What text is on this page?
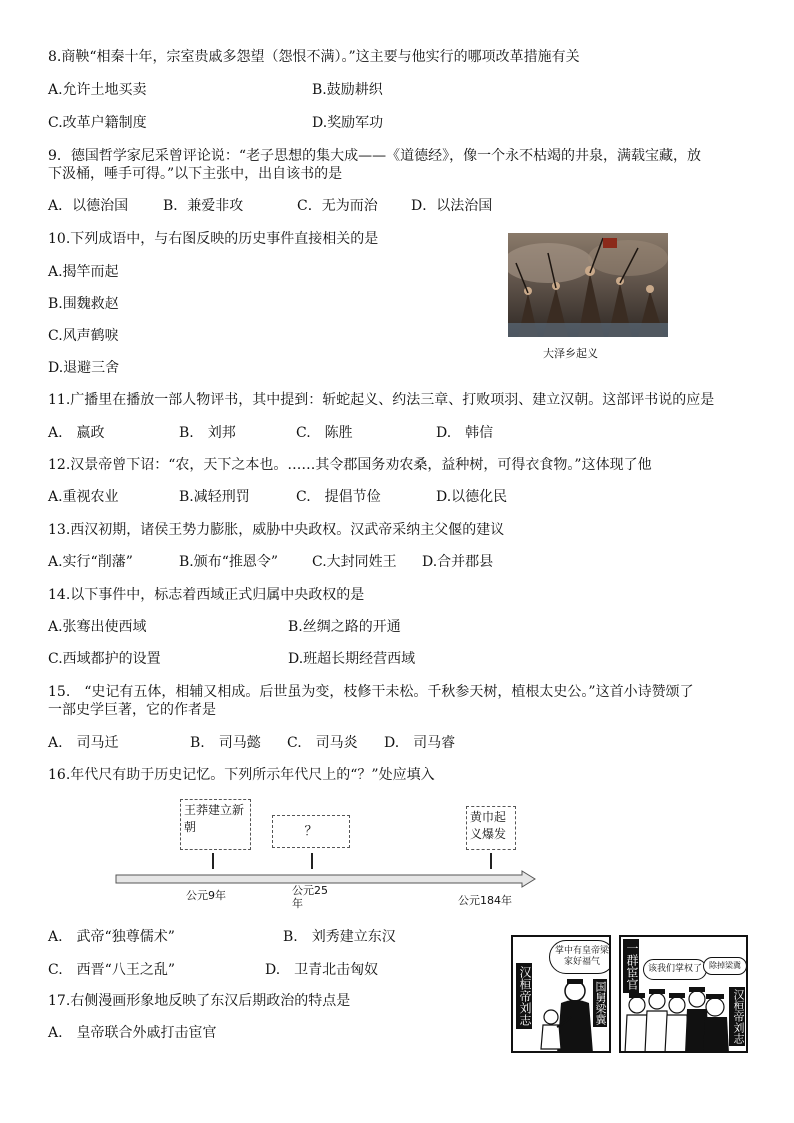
8.商鞅“相秦十年，宗室贵戚多怨望（怨恨不满）。”这主要与他实行的哪项改革措施有关
A.允许土地买卖	B.鼓励耕织
C.改革户籍制度	D.奖励军功
9．德国哲学家尼采曾评论说：“老子思想的集大成——《道德经》，像一个永不枯竭的井泉，满载宝藏，放
下汲桶，唾手可得。”以下主张中，出自该书的是
A．以德治国 B．兼爱非攻	C．无为而治 D．以法治国
10.下列成语中，与右图反映的历史事件直接相关的是
A.揭竿而起
B.围魏救赵
C.风声鹤唳
D.退避三舍
大泽乡起义
11.广播里在播放一部人物评书，其中提到：斩蛇起义、约法三章、打败项羽、建立汉朝。这部评书说的应是
A.　嬴政	B.　刘邦	C.　陈胜	D.　韩信
12.汉景帝曾下诏：“农，天下之本也。……其令郡国务劝农桑，益种树，可得衣食物。”这体现了他
A.重视农业	B.减轻刑罚	C.　提倡节俭	D.以德化民
13.西汉初期，诸侯王势力膨胀，威胁中央政权。汉武帝采纳主父偃的建议
A.实行“削藩”	B.颁布“推恩令” C.大封同姓王 D.合并郡县
14.以下事件中，标志着西域正式归属中央政权的是
A.张骞出使西域	B.丝绸之路的开通
C.西域都护的设置	D.班超长期经营西域
15.　“史记有五体，相辅又相成。后世虽为变，枝修干未松。千秋参天树，植根太史公。”这首小诗赞颂了
一部史学巨著，它的作者是
A.　司马迁	B.　司马懿 C.　司马炎 D.　司马睿
16.年代尺有助于历史记忆。下列所示年代尺上的“？”处应填入
王莽建立新朝	？
黄巾起义爆发
公元9年	公元25年	公元184年
A.　武帝“独尊儒术”	B.　刘秀建立东汉
C.　西晋“八王之乱”	D.　卫青北击匈奴
17.右侧漫画形象地反映了东汉后期政治的特点是
A.　皇帝联合外戚打击宦官
汉桓帝刘志
掌中有皇帝梁家好福气
国舅梁冀
一群宦官 该我们掌权了 除掉梁冀
汉桓帝刘志
